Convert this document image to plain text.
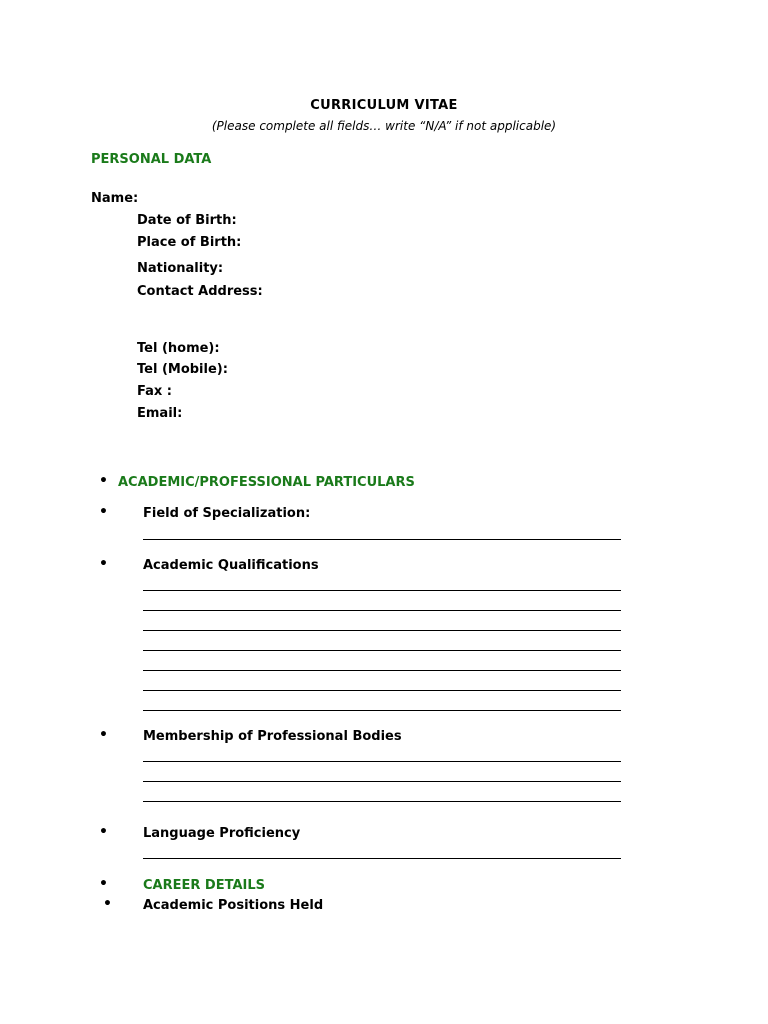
CURRICULUM VITAE
(Please complete all fields… write “N/A” if not applicable)
PERSONAL DATA
Name:
Date of Birth:
Place of Birth:
Nationality:
Contact Address:
Tel (home):
Tel (Mobile):
Fax :
Email:
• ACADEMIC/PROFESSIONAL PARTICULARS
•	Field of Specialization:
•	Academic Qualifications
•	Membership of Professional Bodies
•	Language Proficiency
•	CAREER DETAILS
• Academic Positions Held
